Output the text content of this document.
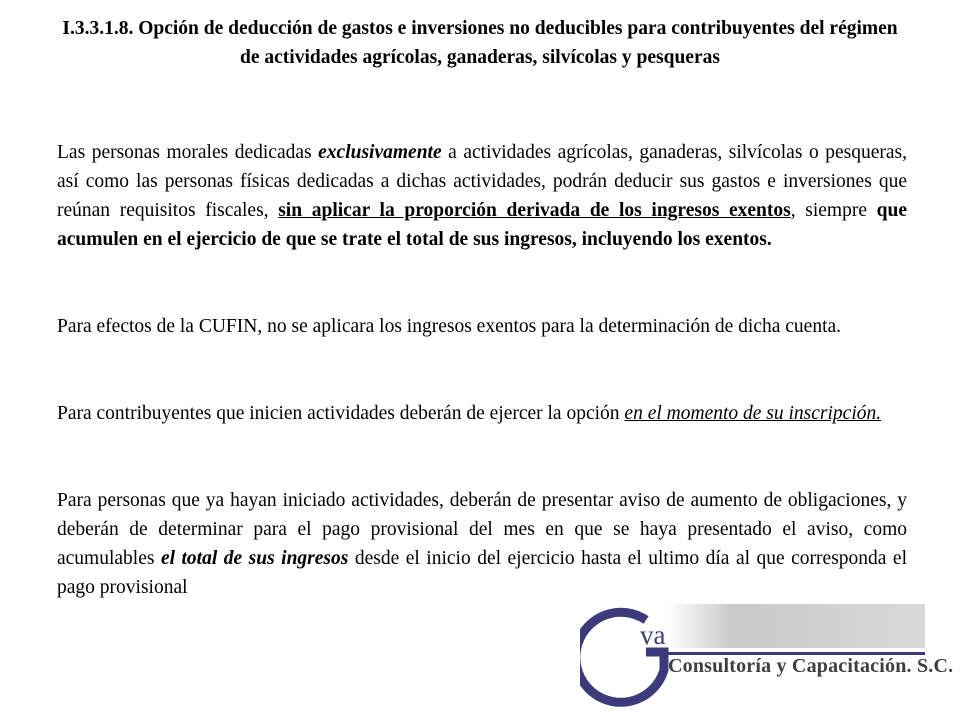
I.3.3.1.8. Opción de deducción de gastos e inversiones no deducibles para contribuyentes del régimen de actividades agrícolas, ganaderas, silvícolas y pesqueras

Las personas morales dedicadas exclusivamente a actividades agrícolas, ganaderas, silvícolas o pesqueras, así como las personas físicas dedicadas a dichas actividades, podrán deducir sus gastos e inversiones que reúnan requisitos fiscales, sin aplicar la proporción derivada de los ingresos exentos, siempre que acumulen en el ejercicio de que se trate el total de sus ingresos, incluyendo los exentos.

Para efectos de la CUFIN, no se aplicara los ingresos exentos para la determinación de dicha cuenta.

Para contribuyentes que inicien actividades deberán de ejercer la opción en el momento de su inscripción.

Para personas que ya hayan iniciado actividades, deberán de presentar aviso de aumento de obligaciones, y deberán de determinar para el pago provisional del mes en que se haya presentado el aviso, como acumulables el total de sus ingresos desde el inicio del ejercicio hasta el ultimo día al que corresponda el pago provisional

va
Consultoría y Capacitación. S.C.
